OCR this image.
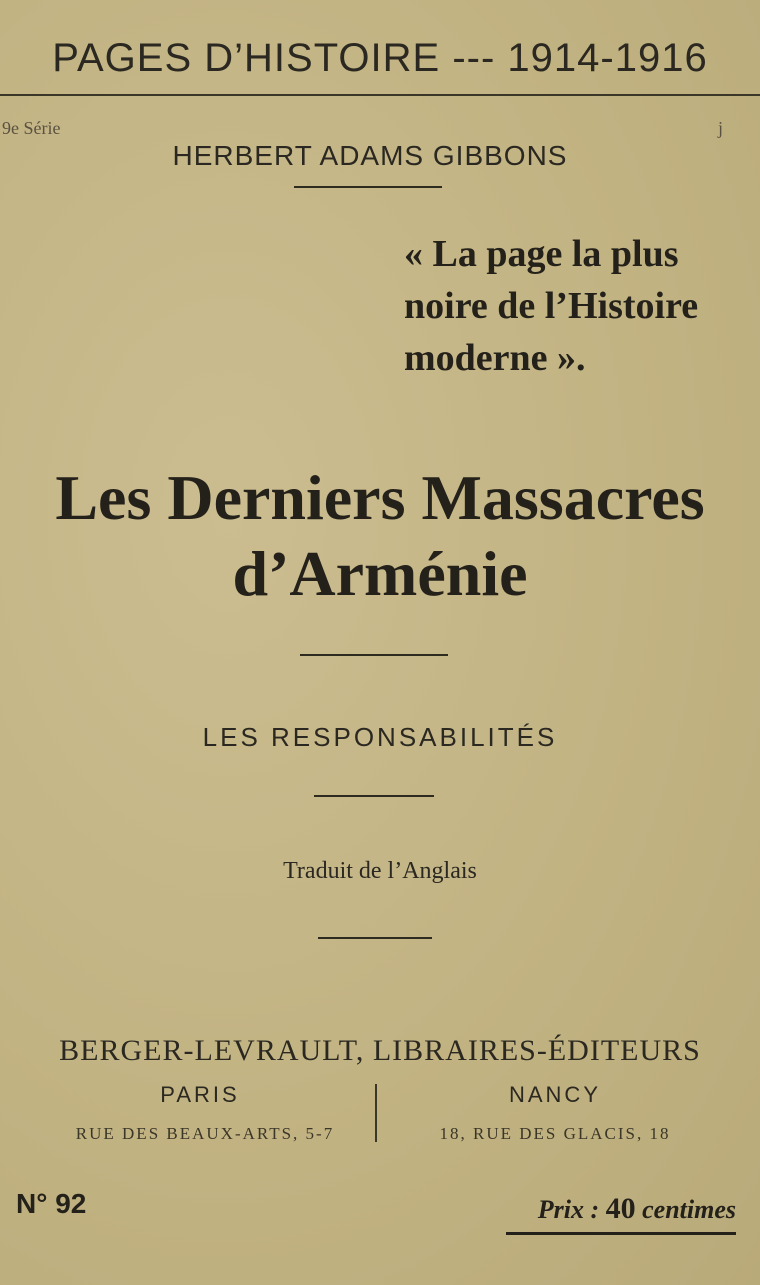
PAGES D’HISTOIRE --- 1914-1916
9e Série	j
HERBERT ADAMS GIBBONS
« La page la plus
noire de l’Histoire
moderne ».
Les Derniers Massacres
d’Arménie
LES RESPONSABILITÉS
Traduit de l’Anglais
BERGER-LEVRAULT, LIBRAIRES-ÉDITEURS
PARIS	NANCY
RUE DES BEAUX-ARTS, 5-7	18, RUE DES GLACIS, 18
N° 92	Prix : 40 centimes
